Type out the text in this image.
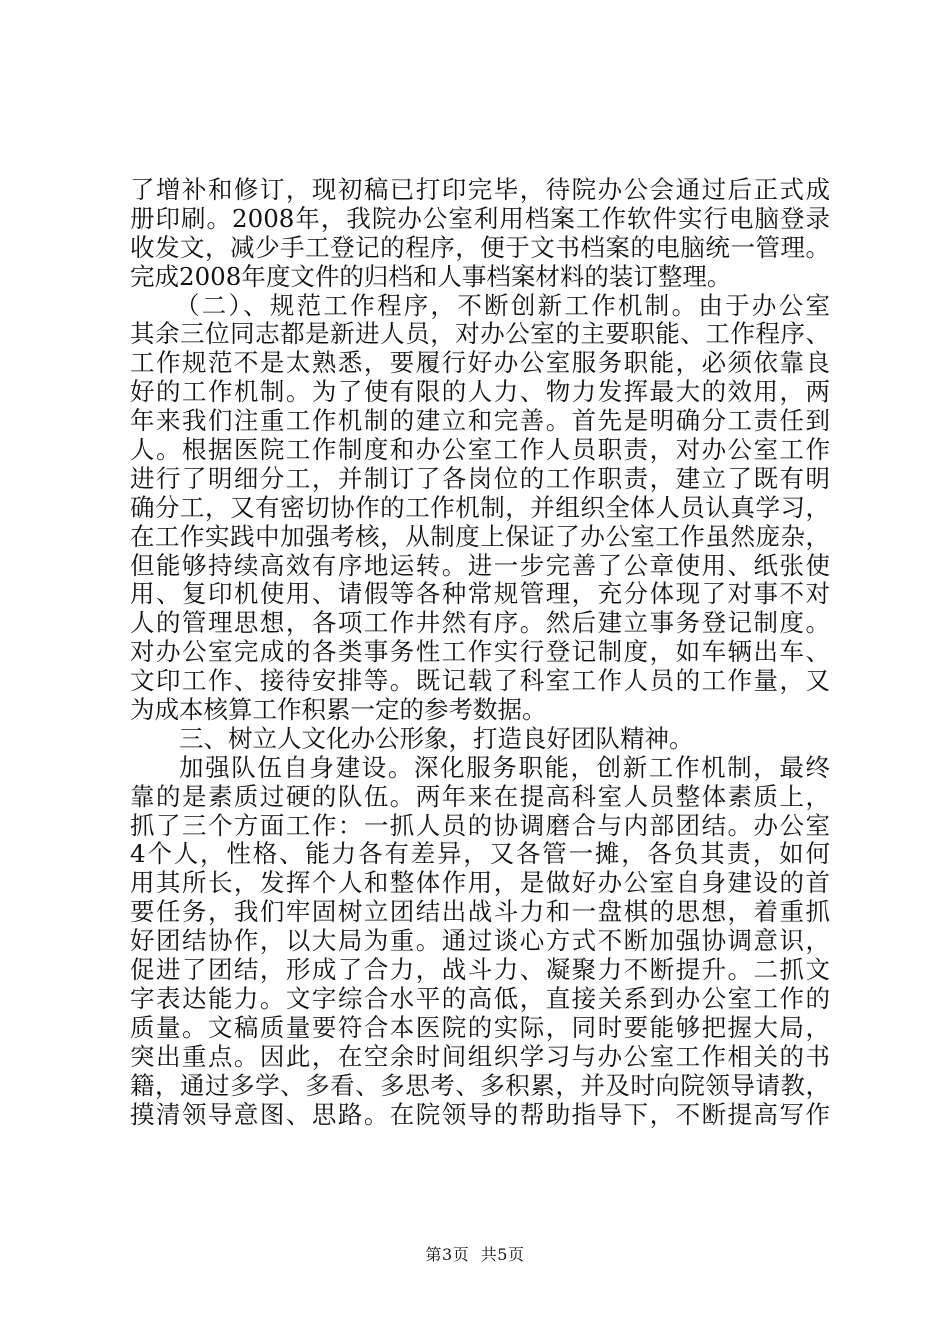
了增补和修订，现初稿已打印完毕，待院办公会通过后正式成
册印刷。2008年，我院办公室利用档案工作软件实行电脑登录
收发文，减少手工登记的程序，便于文书档案的电脑统一管理。
完成2008年度文件的归档和人事档案材料的装订整理。
（二）、规范工作程序，不断创新工作机制。由于办公室
其余三位同志都是新进人员，对办公室的主要职能、工作程序、
工作规范不是太熟悉，要履行好办公室服务职能，必须依靠良
好的工作机制。为了使有限的人力、物力发挥最大的效用，两
年来我们注重工作机制的建立和完善。首先是明确分工责任到
人。根据医院工作制度和办公室工作人员职责，对办公室工作
进行了明细分工，并制订了各岗位的工作职责，建立了既有明
确分工，又有密切协作的工作机制，并组织全体人员认真学习，
在工作实践中加强考核，从制度上保证了办公室工作虽然庞杂，
但能够持续高效有序地运转。进一步完善了公章使用、纸张使
用、复印机使用、请假等各种常规管理，充分体现了对事不对
人的管理思想，各项工作井然有序。然后建立事务登记制度。
对办公室完成的各类事务性工作实行登记制度，如车辆出车、
文印工作、接待安排等。既记载了科室工作人员的工作量，又
为成本核算工作积累一定的参考数据。
三、树立人文化办公形象，打造良好团队精神。
加强队伍自身建设。深化服务职能，创新工作机制，最终
靠的是素质过硬的队伍。两年来在提高科室人员整体素质上，
抓了三个方面工作：一抓人员的协调磨合与内部团结。办公室
4个人，性格、能力各有差异，又各管一摊，各负其责，如何
用其所长，发挥个人和整体作用，是做好办公室自身建设的首
要任务，我们牢固树立团结出战斗力和一盘棋的思想，着重抓
好团结协作，以大局为重。通过谈心方式不断加强协调意识，
促进了团结，形成了合力，战斗力、凝聚力不断提升。二抓文
字表达能力。文字综合水平的高低，直接关系到办公室工作的
质量。文稿质量要符合本医院的实际，同时要能够把握大局，
突出重点。因此，在空余时间组织学习与办公室工作相关的书
籍，通过多学、多看、多思考、多积累，并及时向院领导请教，
摸清领导意图、思路。在院领导的帮助指导下，不断提高写作
第3页 共5页
